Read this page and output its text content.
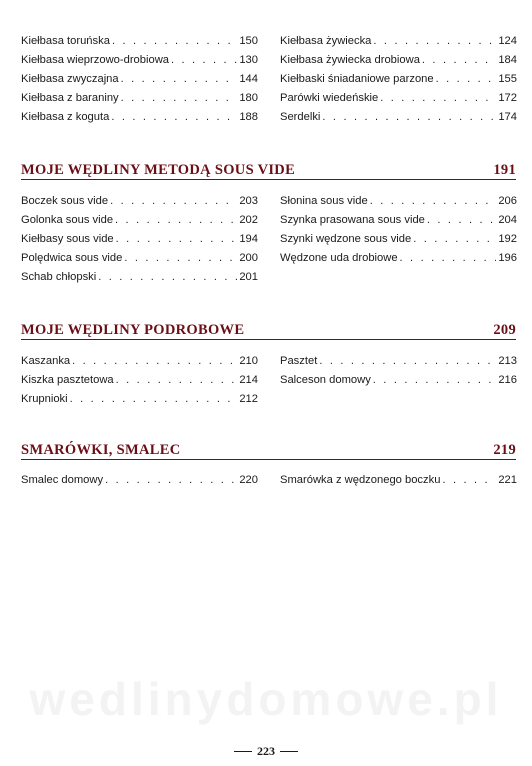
Kiełbasa toruńska . . .	150
Kiełbasa wieprzowo-drobiowa . . .	130
Kiełbasa zwyczajna . . .	144
Kiełbasa z baraniny . . .	180
Kiełbasa z koguta . . .	188
Kiełbasa żywiecka . . .	124
Kiełbasa żywiecka drobiowa . . .	184
Kiełbaski śniadaniowe parzone . . .	155
Parówki wiedeńskie . . .	172
Serdelki . . .	174
MOJE WĘDLINY METODĄ SOUS VIDE	191
Boczek sous vide . . .	203
Golonka sous vide . . .	202
Kiełbasy sous vide . . .	194
Polędwica sous vide . . .	200
Schab chłopski . . .	201
Słonina sous vide . . .	206
Szynka prasowana sous vide . . .	204
Szynki wędzone sous vide . . .	192
Wędzone uda drobiowe . . .	196
MOJE WĘDLINY PODROBOWE	209
Kaszanka . . .	210
Kiszka pasztetowa . . .	214
Krupnioki . . .	212
Pasztet . . .	213
Salceson domowy . . .	216
SMARÓWKI, SMALEC	219
Smalec domowy . . .	220 Smarówka z wędzonego boczku . . .	221
wedlinydomowe.pl
223
